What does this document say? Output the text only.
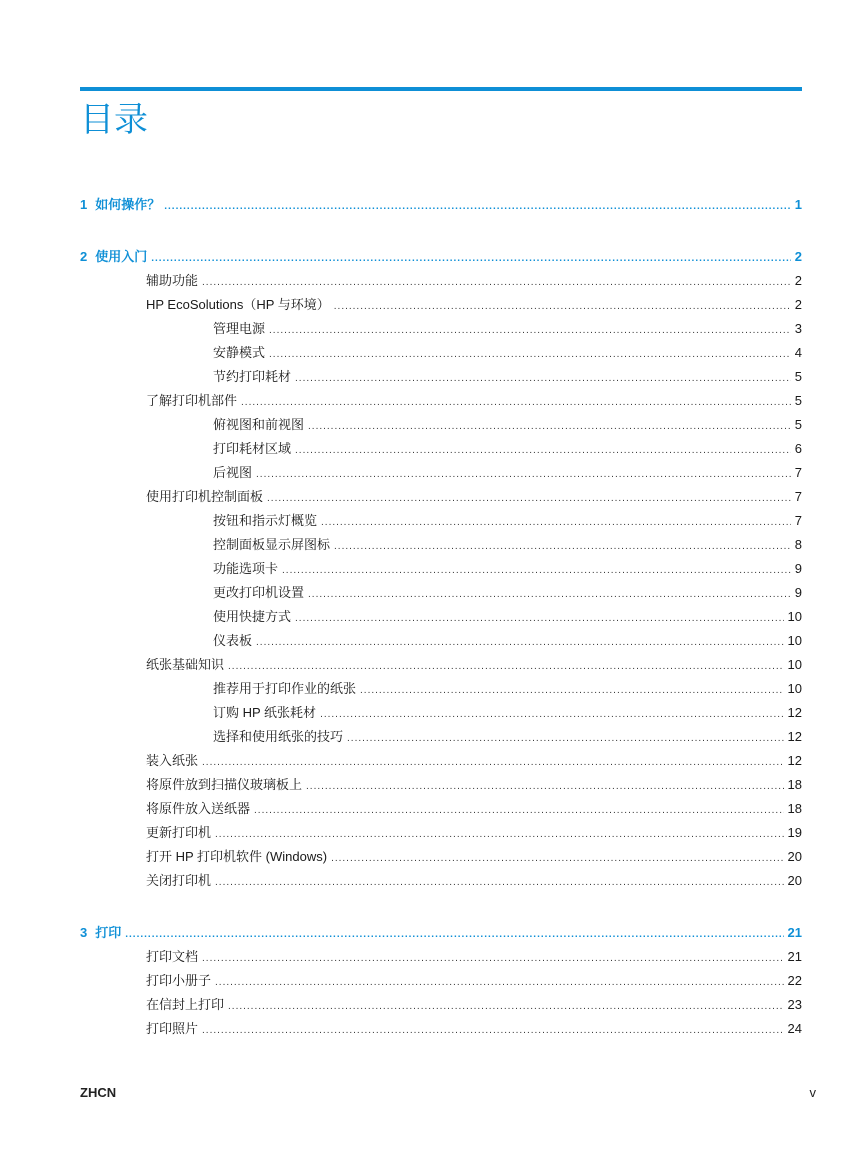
目录
1 如何操作？ .....	1
2 使用入门 .....	2
辅助功能 .....	2
HP EcoSolutions（HP 与环境） .....	2
管理电源 .....	3
安静模式 .....	4
节约打印耗材 .....	5
了解打印机部件 .....	5
俯视图和前视图 .....	5
打印耗材区域 .....	6
后视图 .....	7
使用打印机控制面板 .....	7
按钮和指示灯概览 .....	7
控制面板显示屏图标 .....	8
功能选项卡 .....	9
更改打印机设置 .....	9
使用快捷方式 .....	10
仪表板 .....	10
纸张基础知识 .....	10
推荐用于打印作业的纸张 .....	10
订购 HP 纸张耗材 .....	12
选择和使用纸张的技巧 .....	12
装入纸张 .....	12
将原件放到扫描仪玻璃板上 .....	18
将原件放入送纸器 .....	18
更新打印机 .....	19
打开 HP 打印机软件 (Windows) .....	20
关闭打印机 .....	20
3 打印 .....	21
打印文档 .....	21
打印小册子 .....	22
在信封上打印 .....	23
打印照片 .....	24
ZHCN	v
